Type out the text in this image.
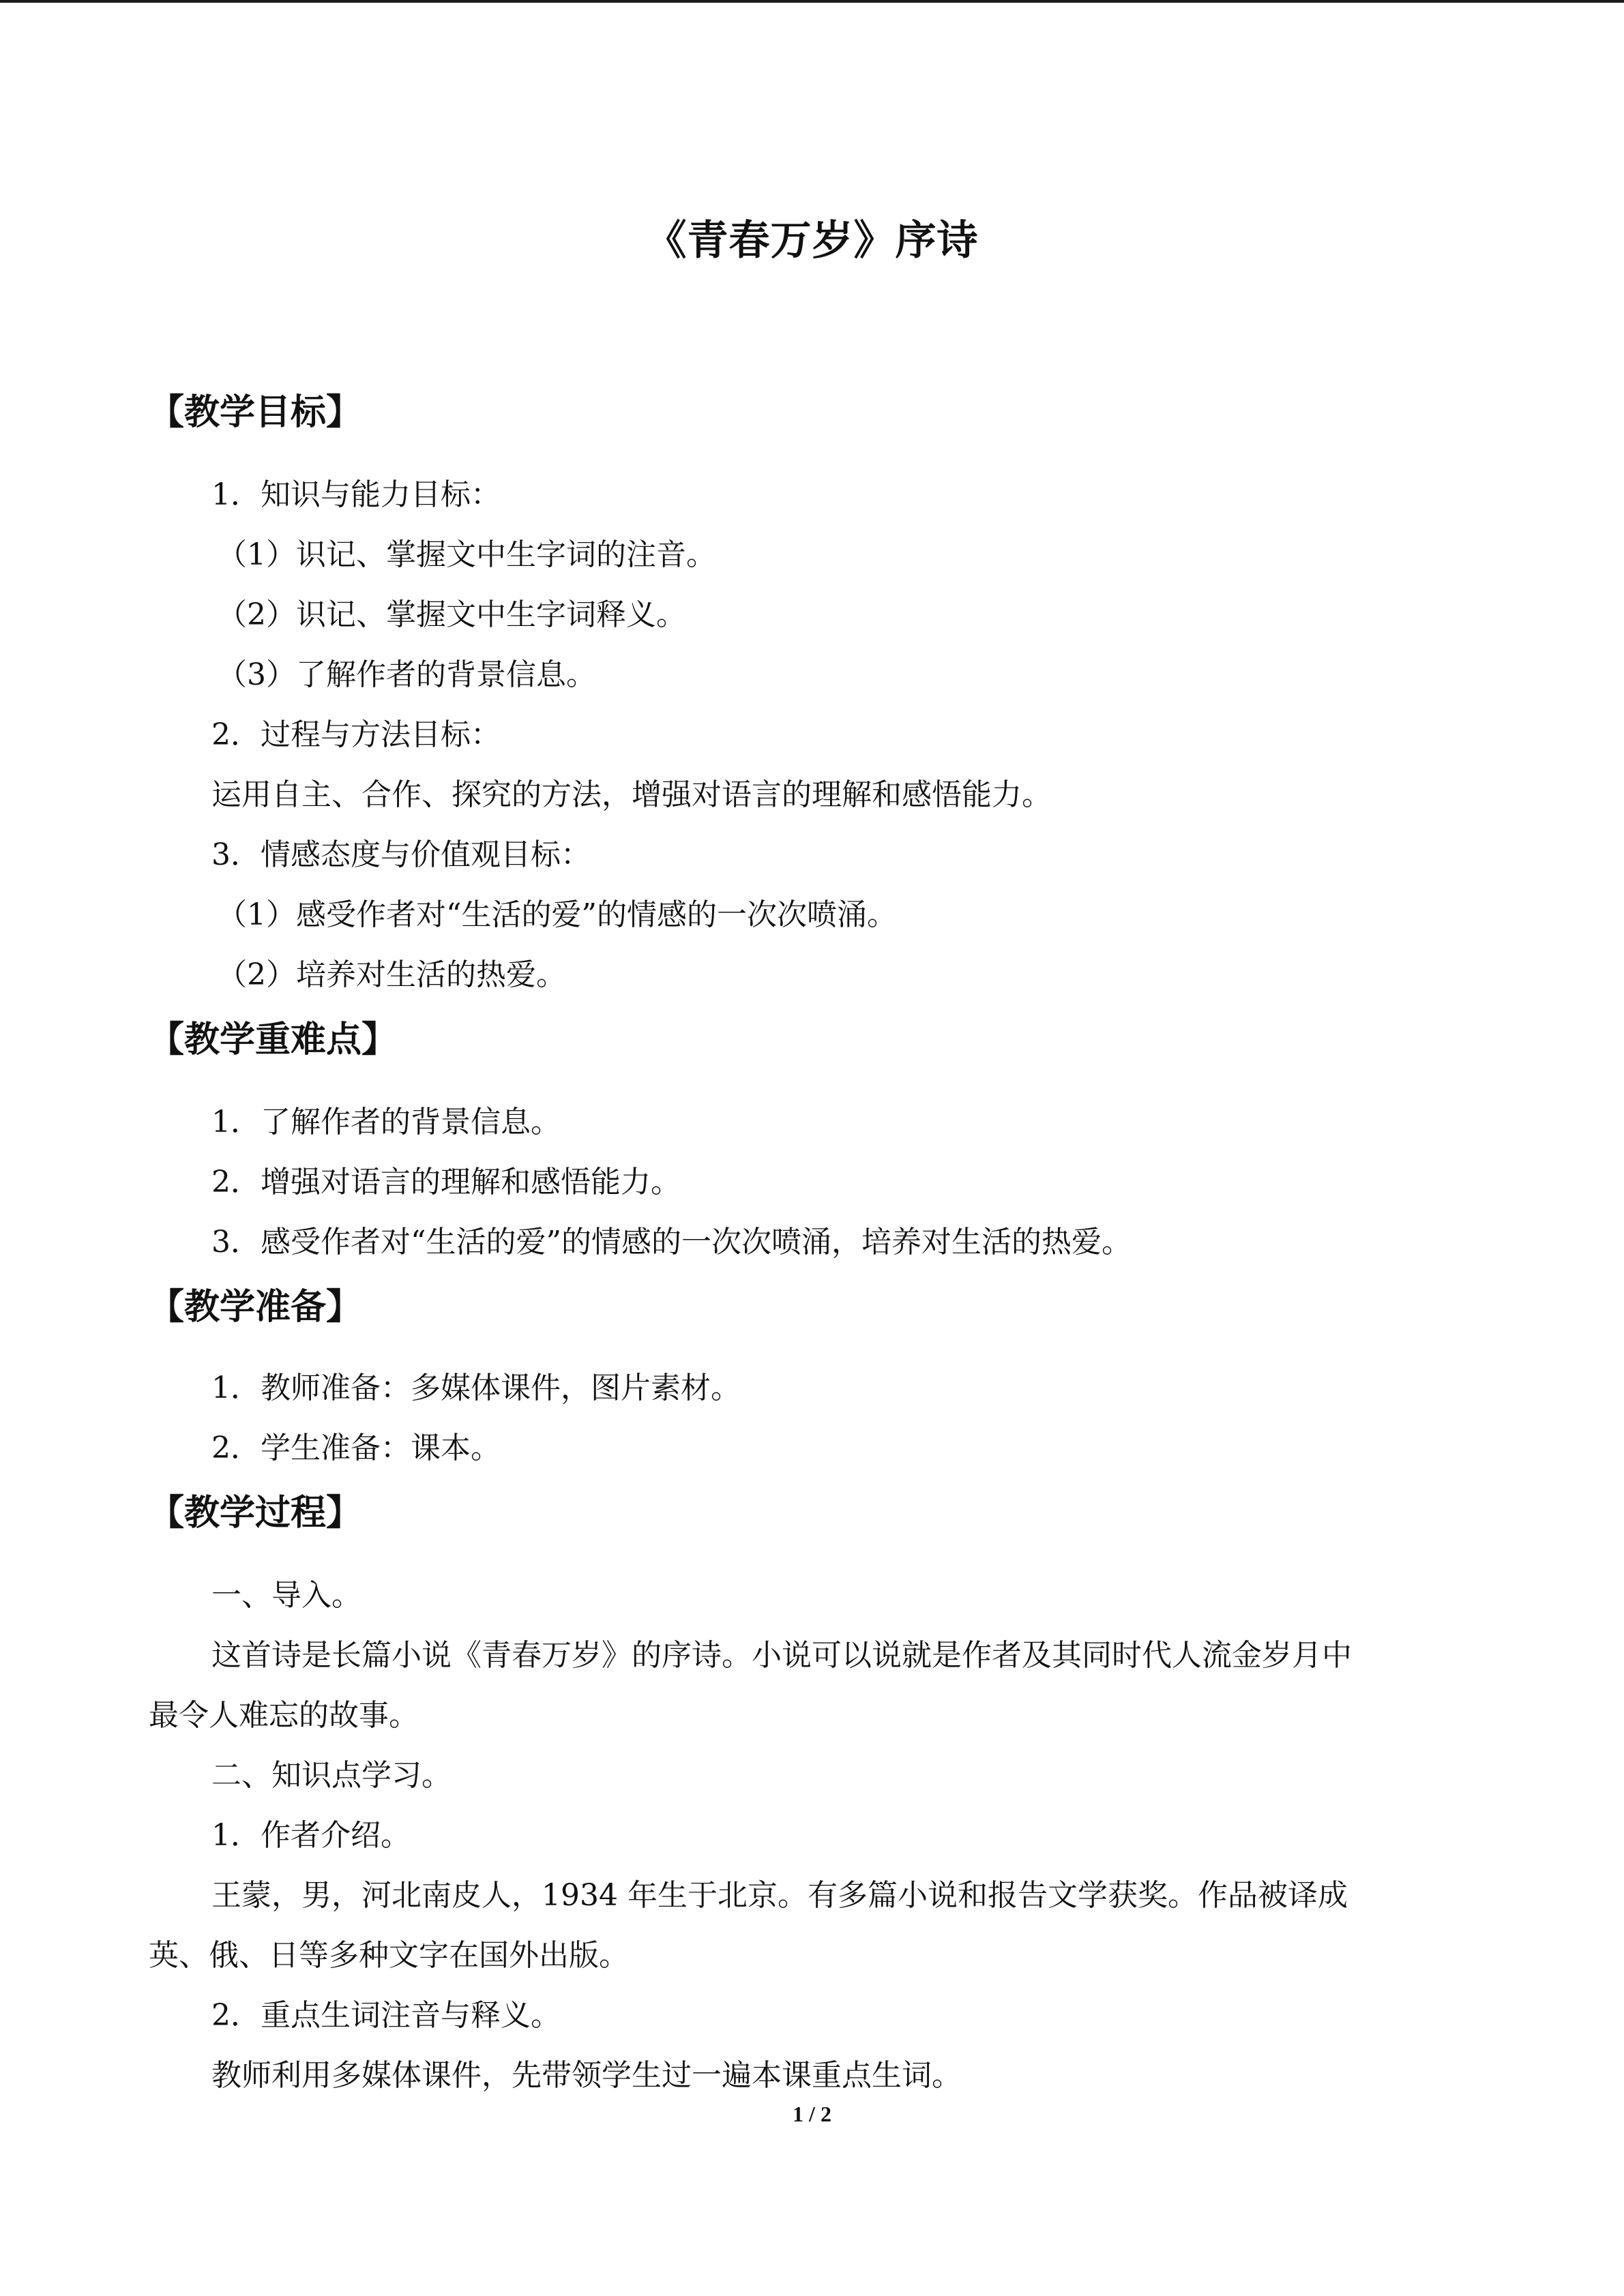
《青春万岁》序诗
【教学目标】
1．知识与能力目标：
（1）识记、掌握文中生字词的注音。
（2）识记、掌握文中生字词释义。
（3）了解作者的背景信息。
2．过程与方法目标：
运用自主、合作、探究的方法，增强对语言的理解和感悟能力。
3．情感态度与价值观目标：
（1）感受作者对“生活的爱”的情感的一次次喷涌。
（2）培养对生活的热爱。
【教学重难点】
1．了解作者的背景信息。
2．增强对语言的理解和感悟能力。
3．感受作者对“生活的爱”的情感的一次次喷涌，培养对生活的热爱。
【教学准备】
1．教师准备：多媒体课件，图片素材。
2．学生准备：课本。
【教学过程】
一、导入。
这首诗是长篇小说《青春万岁》的序诗。小说可以说就是作者及其同时代人流金岁月中
最令人难忘的故事。
二、知识点学习。
1．作者介绍。
王蒙，男，河北南皮人，1934 年生于北京。有多篇小说和报告文学获奖。作品被译成
英、俄、日等多种文字在国外出版。
2．重点生词注音与释义。
教师利用多媒体课件，先带领学生过一遍本课重点生词。
1 / 2
